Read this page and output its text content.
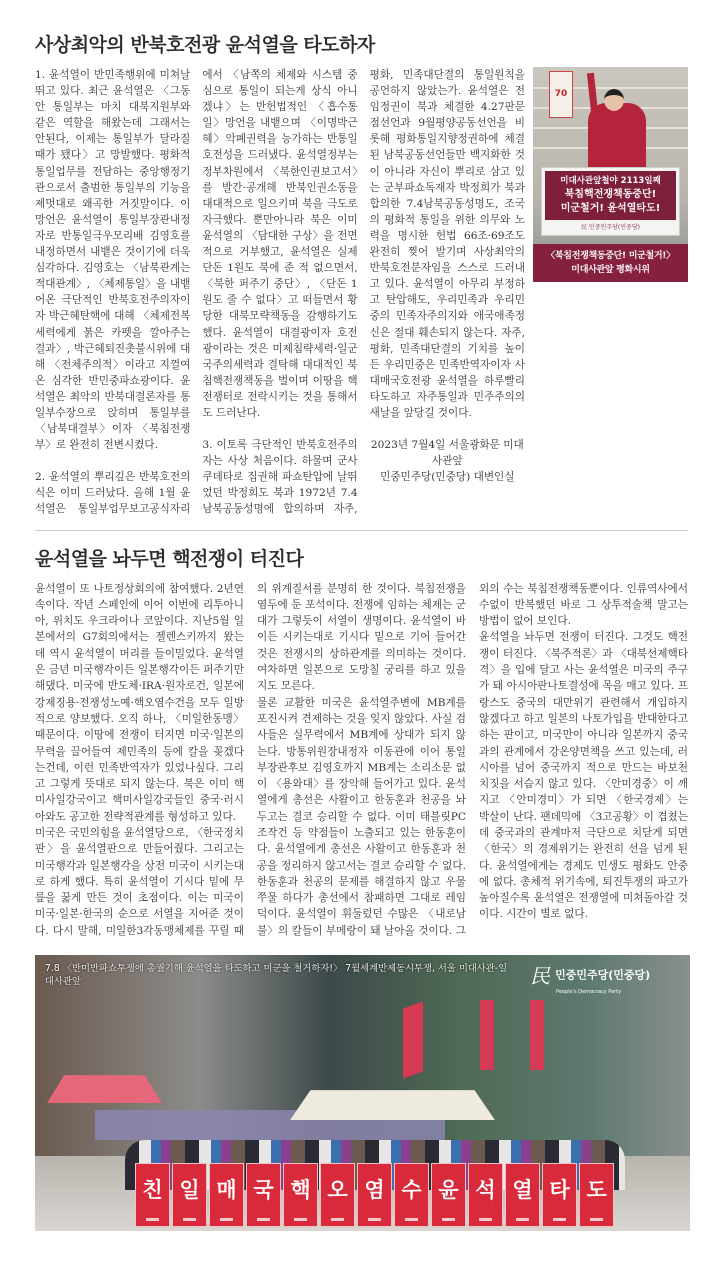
사상최악의 반북호전광 윤석열을 타도하자

1. 윤석열이 반민족행위에 미쳐날뛰고 있다. 최근 윤석열은 〈그동안 통일부는 마치 대북지원부와 같은 역할을 해왔는데 그래서는 안된다, 이제는 통일부가 달라질 때가 됐다〉고 망발했다. 평화적 통일업무를 전담하는 중앙행정기관으로서 출범한 통일부의 기능을 제멋대로 왜곡한 거짓말이다. 이 망언은 윤석열이 통일부장관내정자로 반통일극우모리배 김영호를 내정하면서 내뱉은 것이기에 더욱 심각하다. 김영호는 〈남북관계는 적대관계〉, 〈체제통일〉을 내뱉어온 극단적인 반북호전주의자이자 박근혜탄핵에 대해 〈체제전복세력에게 붉은 카펫을 깔아주는 결과〉, 박근혜퇴진촛불시위에 대해 〈전체주의적〉이라고 지껄여온 심각한 반민중파쇼광이다. 윤석열은 최악의 반북대결론자를 통일부수장으로 앉히며 통일부를 〈남북대결부〉이자 〈북침전쟁부〉로 완전히 전변시켰다.

2. 윤석열의 뿌리깊은 반북호전의식은 이미 드러났다. 올해 1월 윤석열은 통일부업무보고공식자리에서 〈남쪽의 체제와 시스템 중심으로 통일이 되는게 상식 아니겠냐〉는 반헌법적인 〈흡수통일〉망언을 내뱉으며 〈이명박근혜〉악폐권력을 능가하는 반통일호전성을 드러냈다. 윤석열정부는 정부차원에서 〈북한인권보고서〉를 발간·공개해 반북인권소동을 대대적으로 일으키며 북을 극도로 자극했다. 뿐만아니라 북은 이미 윤석열의 〈담대한 구상〉을 전면적으로 거부했고, 윤석열은 실제 단돈 1원도 북에 준 적 없으면서, 〈북한 퍼주기 중단〉, 〈단돈 1원도 줄 수 없다〉고 떠들면서 황당한 대북모략책동을 감행하기도 했다. 윤석열이 대결광이자 호전광이라는 것은 미제침략세력·일군국주의세력과 결탁해 대대적인 북침핵전쟁책동을 벌이며 이땅을 핵전쟁터로 전락시키는 것을 통해서도 드러난다.

3. 이토록 극단적인 반북호전주의자는 사상 처음이다. 하물며 군사쿠데타로 집권해 파쇼탄압에 날뛰었던 박정희도 북과 1972년 7.4남북공동성명에 합의하며 자주, 평화, 민족대단결의 통일원칙을 공언하지 않았는가. 윤석열은 전임정권이 북과 체결한 4.27판문점선언과 9월평양공동선언을 비롯해 평화통일지향정권하에 체결된 남북공동선언들만 백지화한 것이 아니라 자신이 뿌리로 삼고 있는 군부파쇼독재자 박정희가 북과 합의한 7.4남북공동성명도, 조국의 평화적 통일을 위한 의무와 노력을 명시한 헌법 66조·69조도 완전히 찢어 발기며 사상최악의 반북호전분자임을 스스로 드러내고 있다. 윤석열이 아무리 부정하고 탄압해도, 우리민족과 우리민중의 민족자주의지와 애국애족정신은 절대 훼손되지 않는다. 자주, 평화, 민족대단결의 기치를 높이든 우리민중은 민족반역자이자 사대매국호전광 윤석열을 하루빨리 타도하고 자주통일과 민주주의의 새날을 앞당길 것이다.

2023년 7월4일 서울광화문 미대사관앞

민중민주당(민중당) 대변인실

70
미대사관앞철야 2113일째
북침핵전쟁책동중단!
미군철거! 윤석열타도!
民 민중민주당(민중당)
〈북침전쟁책동중단! 미군철거!〉
미대사관앞 평화시위
윤석열을 놔두면 핵전쟁이 터진다

윤석열이 또 나토정상회의에 참여했다. 2년연속이다. 작년 스페인에 이어 이번에 리투아니아, 위치도 우크라이나 코앞이다. 지난5월 일본에서의 G7회의에서는 젤렌스키까지 왔는데 역시 윤석열이 머리를 들이밀었다. 윤석열은 금년 미국행각이든 일본행각이든 퍼주기만 해댔다. 미국에 반도체·IRA·원자로건, 일본에 강제징용·전쟁성노예·핵오염수건을 모두 일방적으로 양보했다. 오직 하나, 〈미일한동맹〉때문이다. 이땅에 전쟁이 터지면 미국·일본의 무력을 끌어들여 제민족의 등에 칼을 꽂겠다는건데, 이런 민족반역자가 있었나싶다. 그리고 그렇게 뜻대로 되지 않는다. 북은 이미 핵미사일강국이고 핵미사일강국들인 중국·러시아와도 공고한 전략적관계를 형성하고 있다.

미국은 국민의힘을 윤석열당으로, 〈한국정치판〉을 윤석열판으로 만들어줬다. 그리고는 미국행각과 일본행각을 상전 미국이 시키는대로 하게 했다. 특히 윤석열이 기시다 밑에 무릎을 꿇게 만든 것이 초점이다. 이는 미국이 미국·일본·한국의 순으로 서열을 지어준 것이다. 다시 말해, 미일한3각동맹체제를 꾸릴 때의 위계질서를 분명히 한 것이다. 북침전쟁을 염두에 둔 포석이다. 전쟁에 임하는 체제는 군대가 그렇듯이 서열이 생명이다. 윤석열이 바이든 시키는대로 기시다 밑으로 기어 들어간 것은 전쟁시의 상하관계를 의미하는 것이다. 여차하면 일본으로 도망칠 궁리를 하고 있을지도 모른다.

물론 교활한 미국은 윤석열주변에 MB계를 포진시켜 견제하는 것을 잊지 않았다. 사실 검사들은 실무력에서 MB계에 상대가 되지 않는다. 방통위원장내정자 이동관에 이어 통일부장관후보 김영호까지 MB계는 소리소문 없이 〈용와대〉를 장악해 들어가고 있다. 윤석열에게 총선은 사활이고 한동훈과 천공을 놔두고는 결코 승리할 수 없다. 이미 태블릿PC조작건 등 약점들이 노출되고 있는 한동훈이다. 윤석열에게 총선은 사활이고 한동훈과 천공을 정리하지 않고서는 결코 승리할 수 없다. 한동훈과 천공의 문제를 해결하지 않고 우물쭈물 하다가 총선에서 참패하면 그대로 레임덕이다. 윤석열이 휘둘렀던 수많은 〈내로남불〉의 칼들이 부메랑이 돼 날아올 것이다. 그외의 수는 북침전쟁책동뿐이다. 인류역사에서 수없이 반복했던 바로 그 상투적술책 말고는 방법이 없어 보인다.

윤석열을 놔두면 전쟁이 터진다. 그것도 핵전쟁이 터진다. 〈북주적론〉과 〈대북선제핵타격〉을 입에 달고 사는 윤석열은 미국의 주구가 돼 아시아판나토결성에 목을 매고 있다. 프랑스도 중국의 대만위기 관련해서 개입하지 않겠다고 하고 일본의 나토가입을 반대한다고 하는 판이고, 미국만이 아니라 일본까지 중국과의 관계에서 강온양면책을 쓰고 있는데, 러시아를 넘어 중국까지 적으로 만드는 바보천치짓을 서슴지 않고 있다. 〈안미경중〉이 깨지고 〈안미경미〉가 되면 〈한국경제〉는 박살이 난다. 팬데믹에 〈3고공황〉이 겹쳤는데 중국과의 관계마저 극단으로 치닫게 되면 〈한국〉의 경제위기는 완전히 선을 넘게 된다. 윤석열에게는 경제도 민생도 평화도 안중에 없다. 총체적 위기속에, 퇴진투쟁의 파고가 높아질수록 윤석열은 전쟁열에 미쳐돌아갈 것이다. 시간이 별로 없다.

친 일 매 국 핵 오 염 수 윤 석 열 타 도
7.8 〈반미반파쇼투쟁에 총궐기해 윤석열을 타도하고 미군을 철거하자!〉 7월세계반제동시투쟁, 서울 미대사관-일대사관앞	民 민중민주당(민중당)
People's Democracy Party
